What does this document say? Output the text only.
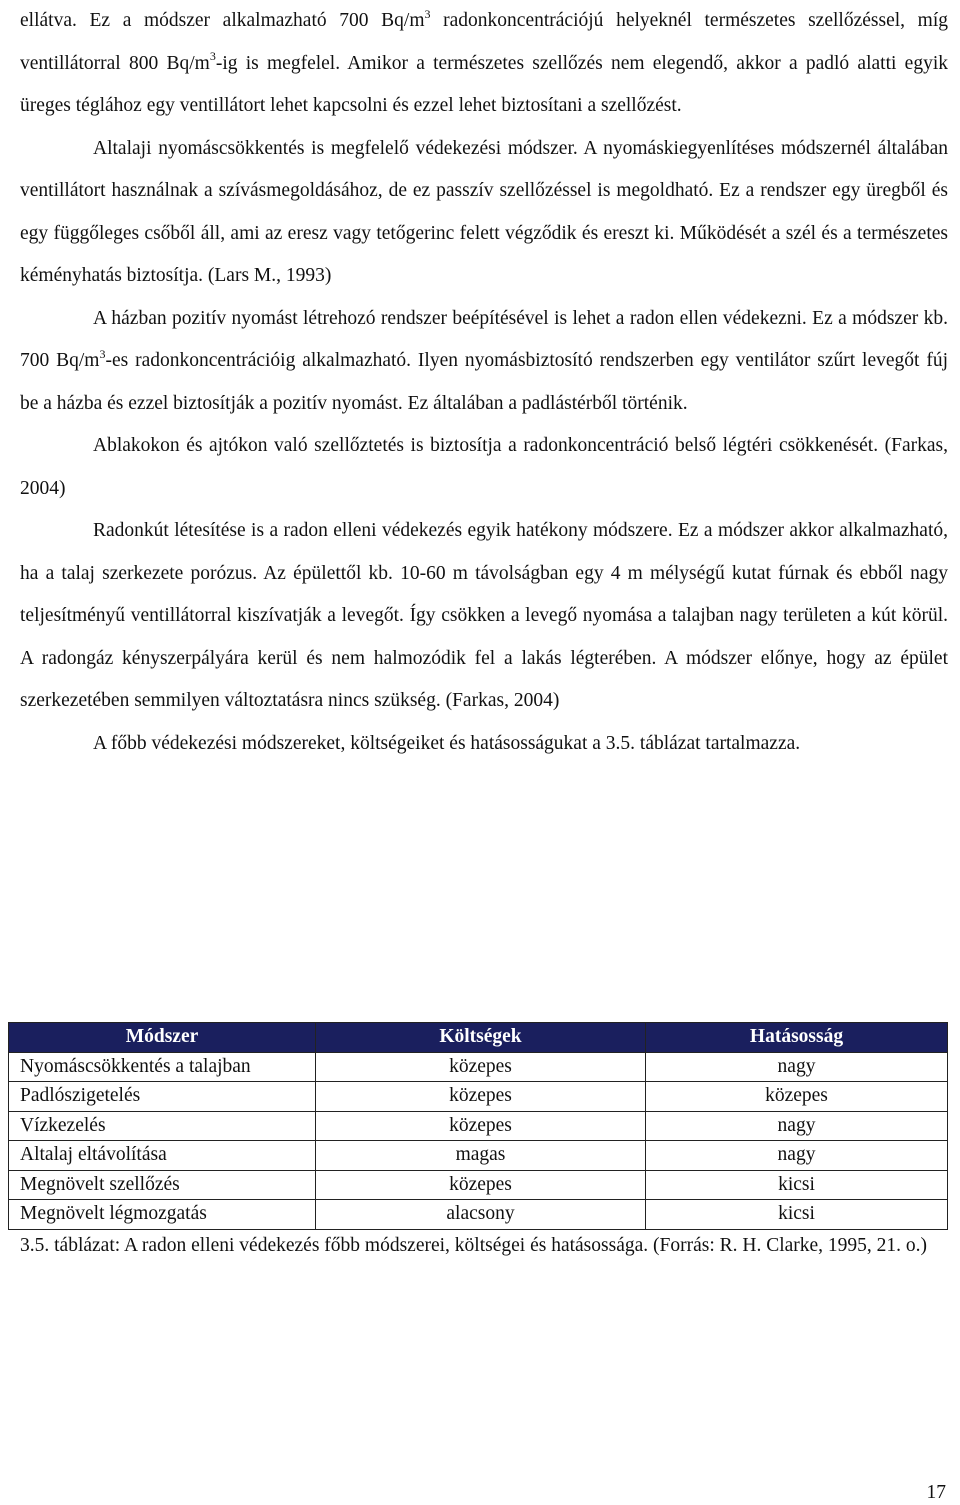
ellátva. Ez a módszer alkalmazható 700 $Bq/m^3$ radonkoncentrációjú helyeknél természetes szellőzéssel, míg ventillátorral 800 $Bq/m^3-ig$ is megfelel. Amikor a természetes szellőzés nem elegendő, akkor a padló alatti egyik üreges téglához egy ventillátort lehet kapcsolni és ezzel lehet biztosítani a szellőzést.

Altalaji nyomáscsökkentés is megfelelő védekezési módszer. A nyomáskiegyenlítéses módszernél általában ventillátort használnak a szívásmegoldásához, de ez passzív szellőzéssel is megoldható. Ez a rendszer egy üregből és egy függőleges csőből áll, ami az eresz vagy tetőgerinc felett végződik és ereszt ki. Működését a szél és a természetes kéményhatás biztosítja. (Lars M., 1993)

A házban pozitív nyomást létrehozó rendszer beépítésével is lehet a radon ellen védekezni. Ez a módszer kb. 700 $Bq/m^3-es$ radonkoncentrációig alkalmazható. Ilyen nyomásbiztosító rendszerben egy ventilátor szűrt levegőt fúj be a házba és ezzel biztosítják a pozitív nyomást. Ez általában a padlástérből történik.

Ablakokon és ajtókon való szellőztetés is biztosítja a radonkoncentráció belső légtéri csökkenését. (Farkas, 2004)

Radonkút létesítése is a radon elleni védekezés egyik hatékony módszere. Ez a módszer akkor alkalmazható, ha a talaj szerkezete porózus. Az épülettől kb. 10-60 m távolságban egy 4 m mélységű kutat fúrnak és ebből nagy teljesítményű ventillátorral kiszívatják a levegőt. Így csökken a levegő nyomása a talajban nagy területen a kút körül. A radongáz kényszerpályára kerül és nem halmozódik fel a lakás légterében. A módszer előnye, hogy az épület szerkezetében semmilyen változtatásra nincs szükség. (Farkas, 2004)

A főbb védekezési módszereket, költségeiket és hatásosságukat a 3.5. táblázat tartalmazza.

Módszer	Költségek	Hatásosság
Nyomáscsökkentés a talajban	közepes	nagy
Padlószigetelés	közepes	közepes
Vízkezelés	közepes	nagy
Altalaj eltávolítása	magas	nagy
Megnövelt szellőzés	közepes	kicsi
Megnövelt légmozgatás	alacsony	kicsi

3.5. táblázat: A radon elleni védekezés főbb módszerei, költségei és hatásossága. (Forrás: R. H. Clarke, 1995, 21. o.)

17
